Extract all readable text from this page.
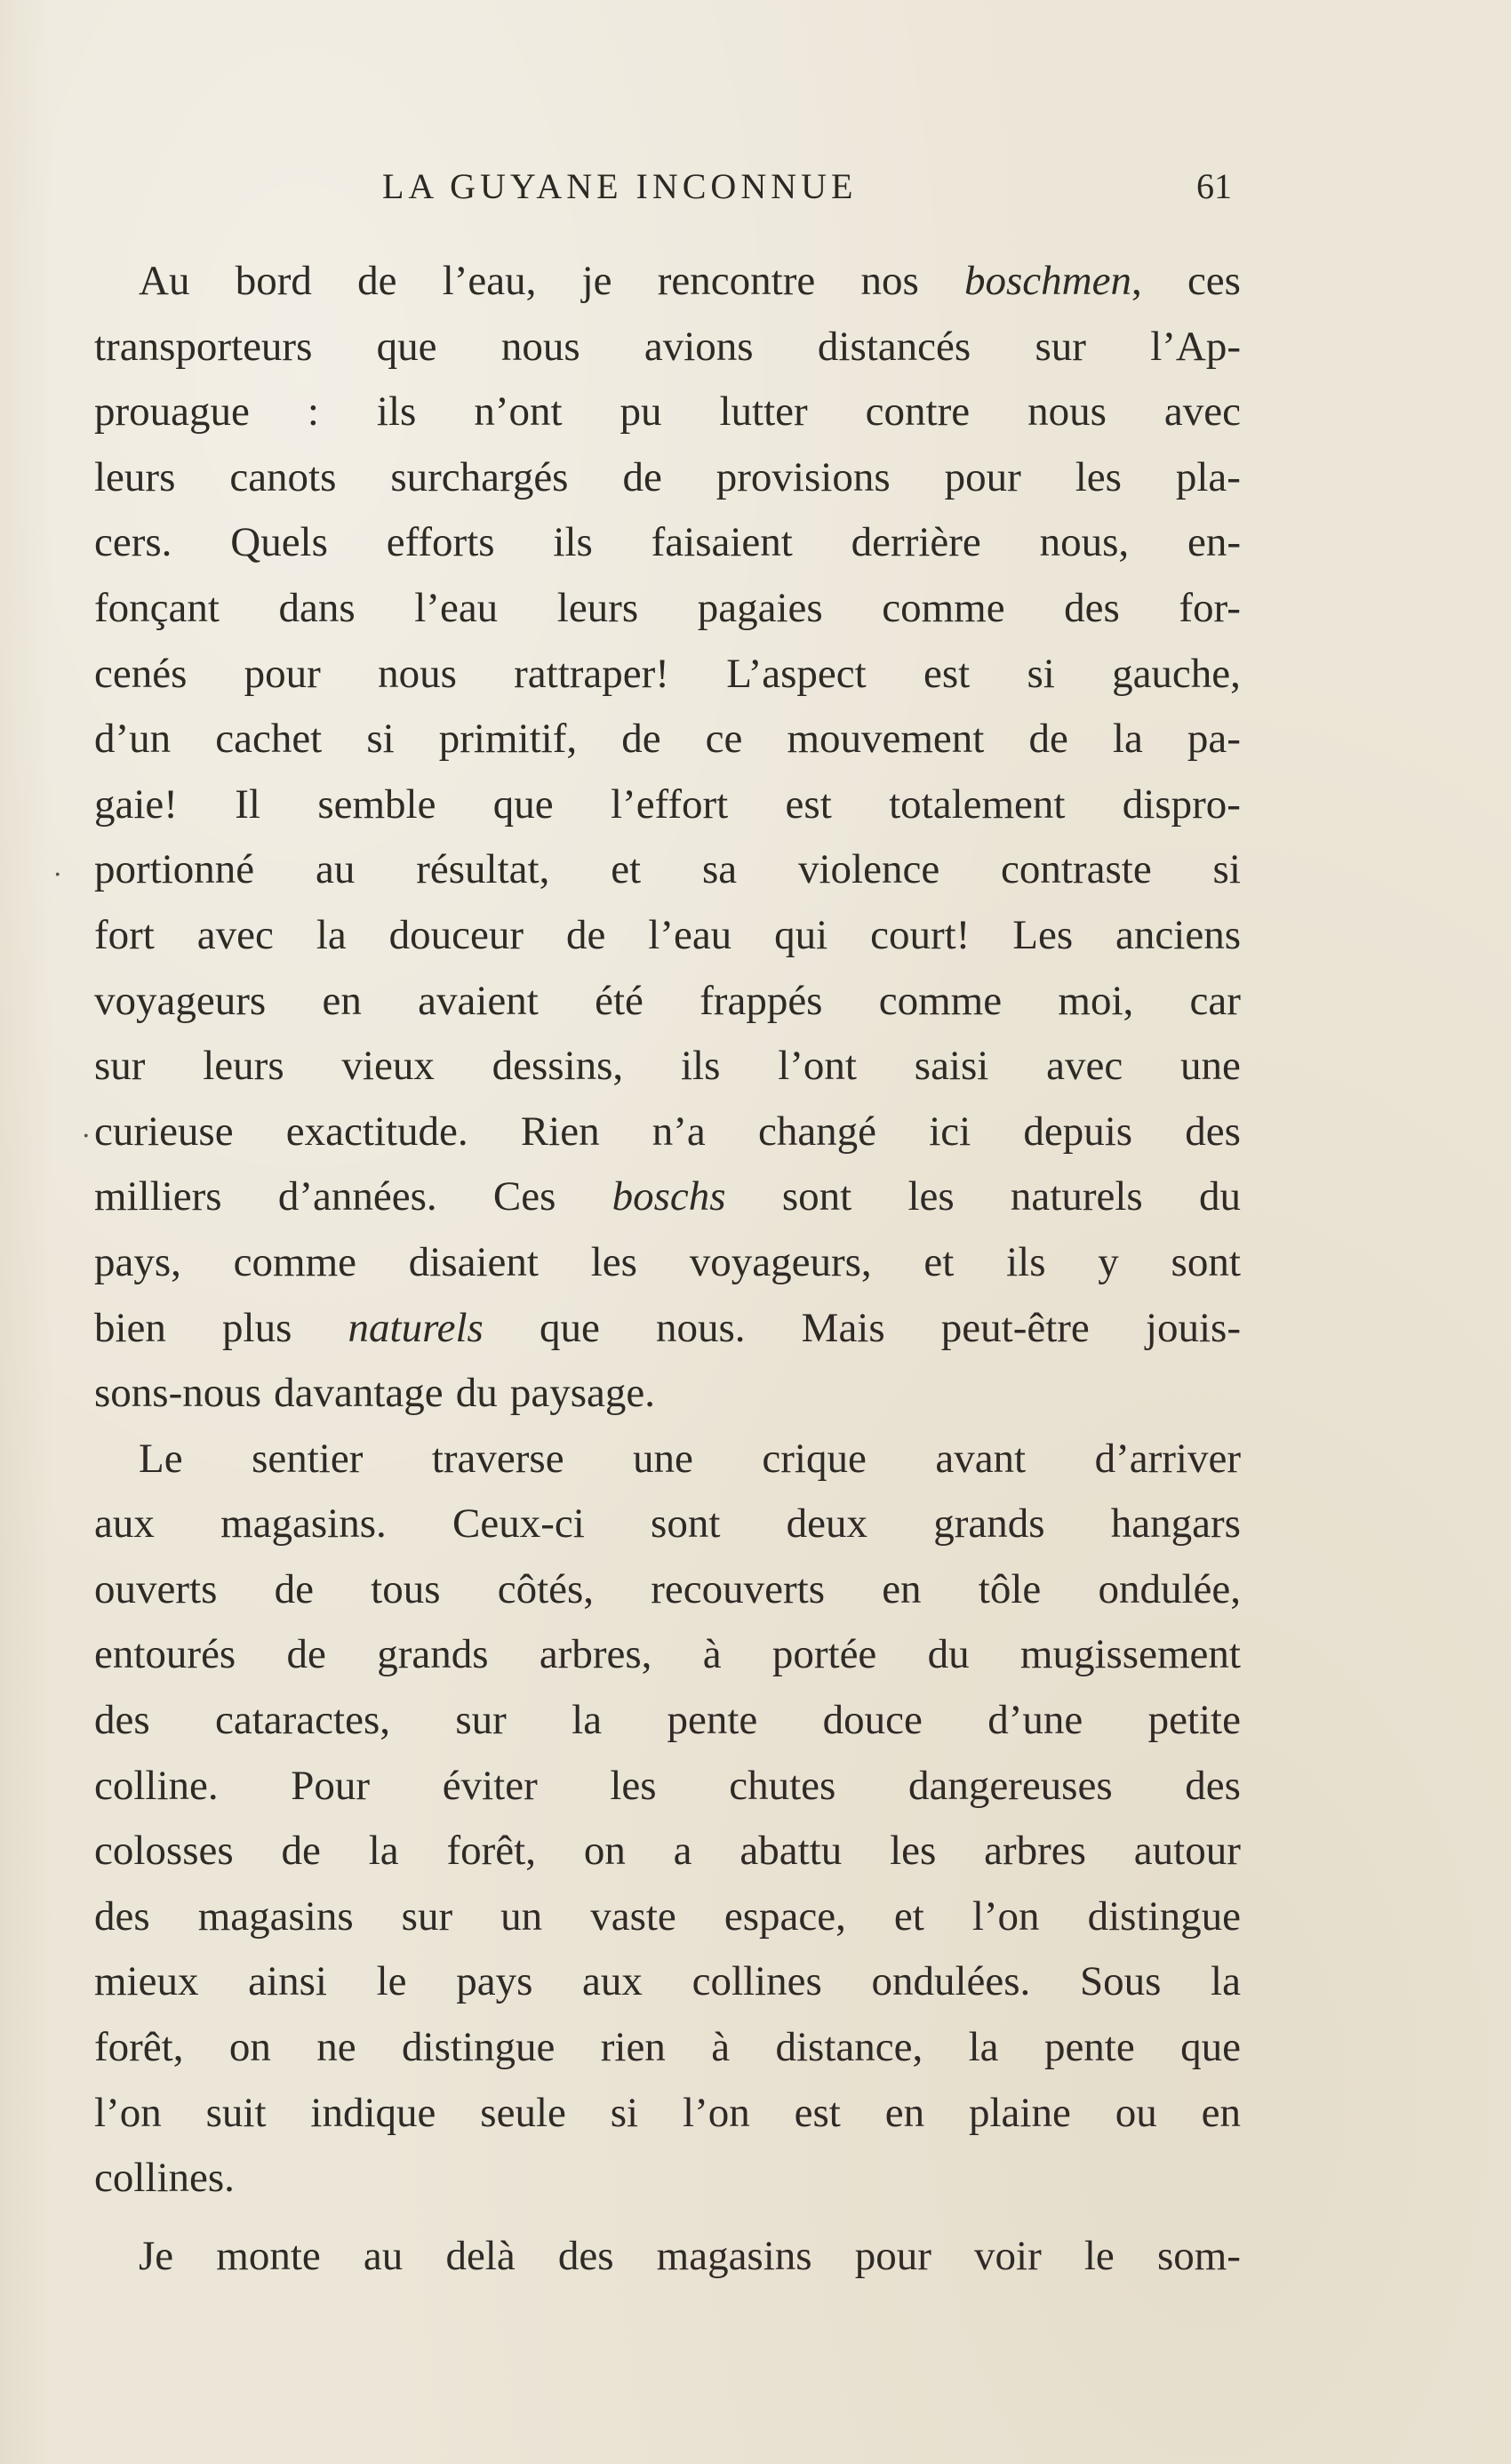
LA GUYANE INCONNUE	61
Au bord de l’eau, je rencontre nos boschmen, ces
transporteurs que nous avions distancés sur l’Ap-
prouague : ils n’ont pu lutter contre nous avec
leurs canots surchargés de provisions pour les pla-
cers. Quels efforts ils faisaient derrière nous, en-
fonçant dans l’eau leurs pagaies comme des for-
cenés pour nous rattraper! L’aspect est si gauche,
d’un cachet si primitif, de ce mouvement de la pa-
gaie! Il semble que l’effort est totalement dispro-
portionné au résultat, et sa violence contraste si
fort avec la douceur de l’eau qui court! Les anciens
voyageurs en avaient été frappés comme moi, car
sur leurs vieux dessins, ils l’ont saisi avec une
curieuse exactitude. Rien n’a changé ici depuis des
milliers d’années. Ces boschs sont les naturels du
pays, comme disaient les voyageurs, et ils y sont
bien plus naturels que nous. Mais peut-être jouis-
sons-nous davantage du paysage.
Le sentier traverse une crique avant d’arriver
aux magasins. Ceux-ci sont deux grands hangars
ouverts de tous côtés, recouverts en tôle ondulée,
entourés de grands arbres, à portée du mugissement
des cataractes, sur la pente douce d’une petite
colline. Pour éviter les chutes dangereuses des
colosses de la forêt, on a abattu les arbres autour
des magasins sur un vaste espace, et l’on distingue
mieux ainsi le pays aux collines ondulées. Sous la
forêt, on ne distingue rien à distance, la pente que
l’on suit indique seule si l’on est en plaine ou en
collines.
Je monte au delà des magasins pour voir le som-
.
.
